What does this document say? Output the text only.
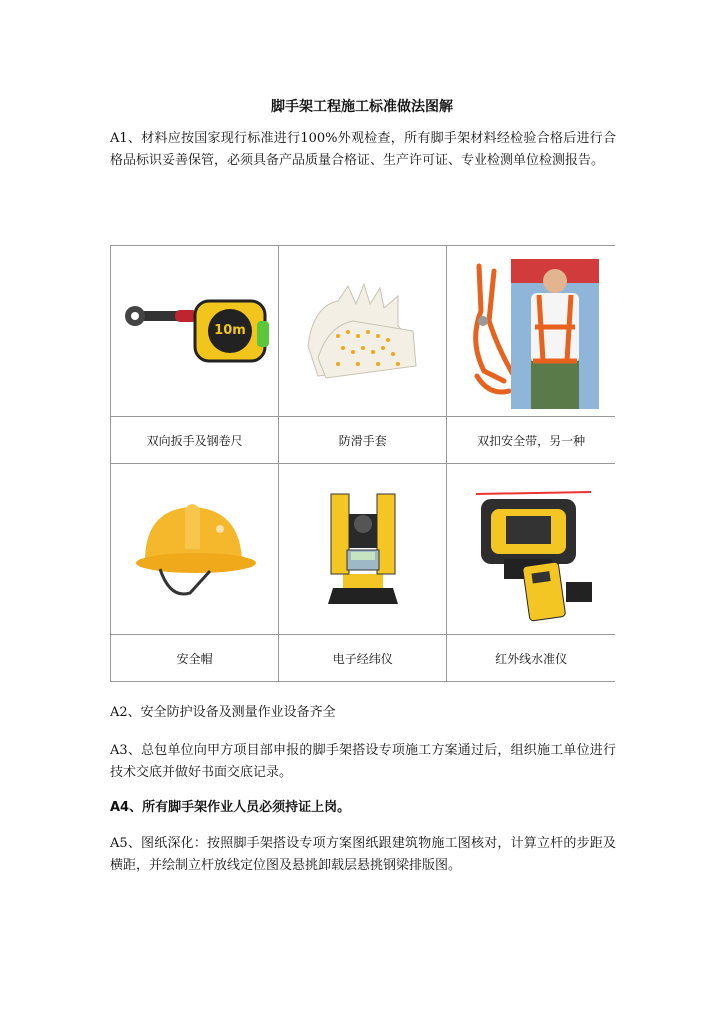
脚手架工程施工标准做法图解

A1、材料应按国家现行标准进行100%外观检查，所有脚手架材料经检验合格后进行合格品标识妥善保管，必须具备产品质量合格证、生产许可证、专业检测单位检测报告。

10m

双向扳手及钢卷尺	防滑手套	双扣安全带，另一种

安全帽	电子经纬仪	红外线水准仪

A2、安全防护设备及测量作业设备齐全

A3、总包单位向甲方项目部申报的脚手架搭设专项施工方案通过后，组织施工单位进行技术交底并做好书面交底记录。

A4、所有脚手架作业人员必须持证上岗。

A5、图纸深化：按照脚手架搭设专项方案图纸跟建筑物施工图核对，计算立杆的步距及横距，并绘制立杆放线定位图及悬挑卸载层悬挑钢梁排版图。
